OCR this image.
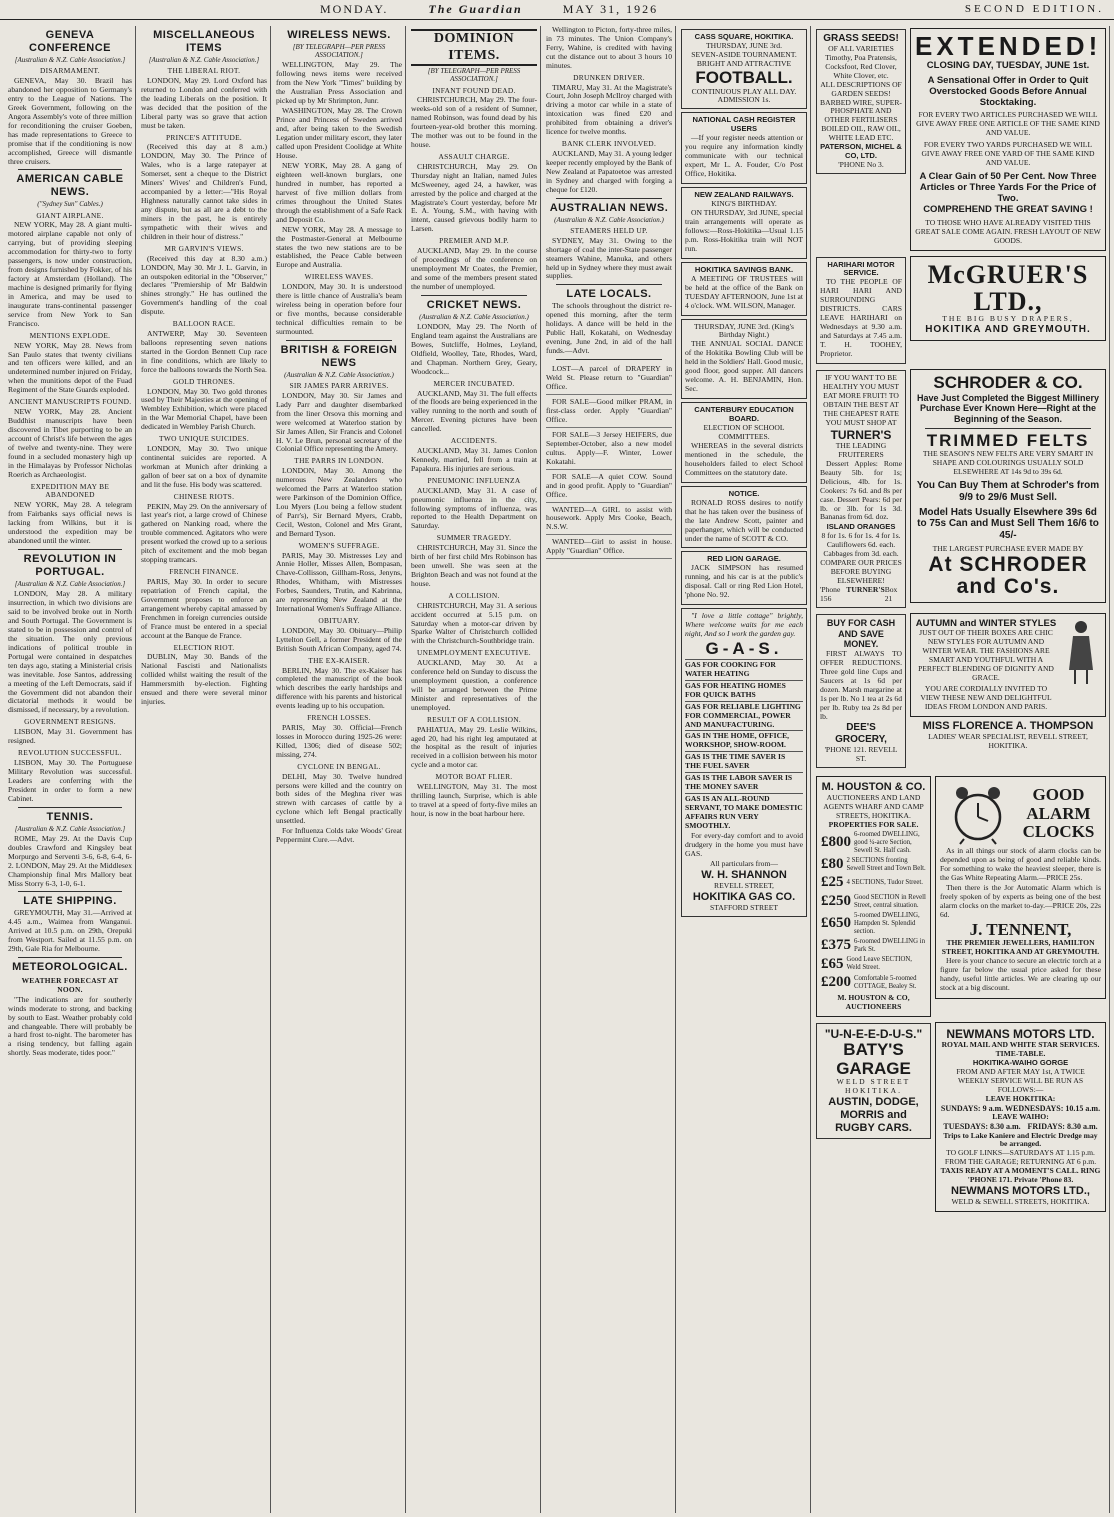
MONDAY.	The Guardian	MAY 31, 1926	SECOND EDITION.
GENEVA CONFERENCE
[Australian & N.Z. Cable Association.]
DISARMAMENT.

GENEVA, May 30. Brazil has abandoned her opposition to Germany's entry to the League of Nations. The Greek Government, following on the Angora Assembly's vote of three million for reconditioning the cruiser Goeben, has made representations to Greece to promise that if the conditioning is now accomplished, Greece will dismantle three cruisers.

AMERICAN CABLE NEWS.
("Sydney Sun" Cables.)
GIANT AIRPLANE.

NEW YORK, May 28. A giant multi-motored airplane capable not only of carrying, but of providing sleeping accommodation for thirty-two to forty passengers, is now under construction, from designs furnished by Fokker, of his factory at Amsterdam (Holland). The machine is designed primarily for flying in America, and may be used to inaugurate trans-continental passenger service from New York to San Francisco.

MENTIONS EXPLODE.

NEW YORK, May 28. News from San Paulo states that twenty civilians and ten officers were killed, and an undetermined number injured on Friday, when the munitions depot of the Fuad Regiment of the State Guards exploded.

ANCIENT MANUSCRIPTS FOUND.

NEW YORK, May 28. Ancient Buddhist manuscripts have been discovered in Tibet purporting to be an account of Christ's life between the ages of twelve and twenty-nine. They were found in a secluded monastery high up in the Himalayas by Professor Nicholas Roerich as Archaeologist.

EXPEDITION MAY BE ABANDONED

NEW YORK, May 28. A telegram from Fairbanks says official news is lacking from Wilkins, but it is understood the expedition may be abandoned until the winter.

REVOLUTION IN PORTUGAL.
[Australian & N.Z. Cable Association.]

LONDON, May 28. A military insurrection, in which two divisions are said to be involved broke out in North and South Portugal. The Government is stated to be in possession and control of the situation. The only previous indications of political trouble in Portugal were contained in despatches ten days ago, stating a Ministerial crisis was inevitable. Jose Santos, addressing a meeting of the Left Democrats, said if the Government did not abandon their dictatorial methods it would be dismissed, if necessary, by a revolution.

GOVERNMENT RESIGNS.

LISBON, May 31. Government has resigned.

REVOLUTION SUCCESSFUL.

LISBON, May 30. The Portuguese Military Revolution was successful. Leaders are conferring with the President in order to form a new Cabinet.

TENNIS.
[Australian & N.Z. Cable Association.]

ROME, May 29. At the Davis Cup doubles Crawford and Kingsley beat Morpurgo and Serventi 3-6, 6-8, 6-4, 6-2. LONDON, May 29. At the Middlesex Championship final Mrs Mallory beat Miss Storry 6-3, 1-0, 6-1.

LATE SHIPPING.

GREYMOUTH, May 31.—Arrived at 4.45 a.m., Waimea from Wanganui. Arrived at 10.5 p.m. on 29th, Orepuki from Westport. Sailed at 11.55 p.m. on 29th, Gale Ria for Melbourne.

METEOROLOGICAL.
WEATHER FORECAST AT NOON.

"The indications are for southerly winds moderate to strong, and backing by south to East. Weather probably cold and changeable. There will probably be a hard frost to-night. The barometer has a rising tendency, but falling again shortly. Seas moderate, tides poor."

MISCELLANEOUS ITEMS
[Australian & N.Z. Cable Association.]
THE LIBERAL RIOT.

LONDON, May 29. Lord Oxford has returned to London and conferred with the leading Liberals on the position. It was decided that the position of the Liberal party was so grave that action must be taken.

PRINCE'S ATTITUDE.

(Received this day at 8 a.m.) LONDON, May 30. The Prince of Wales, who is a large ratepayer at Somerset, sent a cheque to the District Miners' Wives' and Children's Fund, accompanied by a letter:—"His Royal Highness naturally cannot take sides in any dispute, but as all are a debt to the miners in the past, he is entirely sympathetic with their wives and children in their hour of distress."

MR GARVIN'S VIEWS.

(Received this day at 8.30 a.m.) LONDON, May 30. Mr J. L. Garvin, in an outspoken editorial in the "Observer," declares "Premiership of Mr Baldwin shines strongly." He has outlined the Government's handling of the coal dispute.

BALLOON RACE.

ANTWERP, May 30. Seventeen balloons representing seven nations started in the Gordon Bennett Cup race in fine conditions, which are likely to force the balloons towards the North Sea.

GOLD THRONES.

LONDON, May 30. Two gold thrones used by Their Majesties at the opening of Wembley Exhibition, which were placed in the War Memorial Chapel, have been dedicated in Wembley Parish Church.

TWO UNIQUE SUICIDES.

LONDON, May 30. Two unique continental suicides are reported. A workman at Munich after drinking a gallon of beer sat on a box of dynamite and lit the fuse. His body was scattered.

CHINESE RIOTS.

PEKIN, May 29. On the anniversary of last year's riot, a large crowd of Chinese gathered on Nanking road, where the trouble commenced. Agitators who were present worked the crowd up to a serious pitch of excitement and the mob began stopping tramcars.

FRENCH FINANCE.

PARIS, May 30. In order to secure repatriation of French capital, the Government proposes to enforce an arrangement whereby capital amassed by Frenchmen in foreign currencies outside of France must be entered in a special account at the Banque de France.

ELECTION RIOT.

DUBLIN, May 30. Bands of the National Fascisti and Nationalists collided whilst waiting the result of the Hammersmith by-election. Fighting ensued and there were several minor injuries.

WIRELESS NEWS.
[BY TELEGRAPH—PER PRESS ASSOCIATION.]

WELLINGTON, May 29. The following news items were received from the New York "Times" building by the Australian Press Association and picked up by Mr Shrimpton, Junr.

WASHINGTON, May 28. The Crown Prince and Princess of Sweden arrived and, after being taken to the Swedish Legation under military escort, they later called upon President Coolidge at White House.

NEW YORK, May 28. A gang of eighteen well-known burglars, one hundred in number, has reported a harvest of five million dollars from crimes throughout the United States through the establishment of a Safe Rack and Deposit Co.

NEW YORK, May 28. A message to the Postmaster-General at Melbourne states the two new stations are to be established, the Peace Cable between Europe and Australia.

WIRELESS WAVES.

LONDON, May 30. It is understood there is little chance of Australia's beam wireless being in operation before four or five months, because considerable technical difficulties remain to be surmounted.

BRITISH & FOREIGN NEWS
(Australian & N.Z. Cable Association.)
SIR JAMES PARR ARRIVES.

LONDON, May 30. Sir James and Lady Parr and daughter disembarked from the liner Orsova this morning and were welcomed at Waterloo station by Sir James Allen, Sir Francis and Colonel H. V. Le Brun, personal secretary of the Colonial Office representing the Amery.

THE PARRS IN LONDON.

LONDON, May 30. Among the numerous New Zealanders who welcomed the Parrs at Waterloo station were Parkinson of the Dominion Office, Lou Myers (Lou being a fellow student of Parr's), Sir Bernard Myers, Crabb, Cecil, Weston, Colonel and Mrs Grant, and Bernard Tyson.

WOMEN'S SUFFRAGE.

PARIS, May 30. Mistresses Ley and Annie Holler, Misses Allen, Bompasan, Chave-Collisson, Gillham-Ross, Jenyns, Rhodes, Whitham, with Mistresses Forbes, Saunders, Trutin, and Kabrinna, are representing New Zealand at the International Women's Suffrage Alliance.

OBITUARY.

LONDON, May 30. Obituary—Philip Lyttelton Gell, a former President of the British South African Company, aged 74.

THE EX-KAISER.

BERLIN, May 30. The ex-Kaiser has completed the manuscript of the book which describes the early hardships and difference with his parents and historical events leading up to his occupation.

FRENCH LOSSES.

PARIS, May 30. Official—French losses in Morocco during 1925-26 were: Killed, 1306; died of disease 502; missing, 274.

CYCLONE IN BENGAL.

DELHI, May 30. Twelve hundred persons were killed and the country on both sides of the Meghna river was strewn with carcases of cattle by a cyclone which left Bengal practically unsettled.

For Influenza Colds take Woods' Great Peppermint Cure.—Advt.

DOMINION ITEMS.
[BY TELEGRAPH—PER PRESS ASSOCIATION.]
INFANT FOUND DEAD.

CHRISTCHURCH, May 29. The four-weeks-old son of a resident of Sumner, named Robinson, was found dead by his fourteen-year-old brother this morning. The mother was out to be found in the house.

ASSAULT CHARGE.

CHRISTCHURCH, May 29. On Thursday night an Italian, named Jules McSweeney, aged 24, a hawker, was arrested by the police and charged at the Magistrate's Court yesterday, before Mr E. A. Young, S.M., with having with intent, caused grievous bodily harm to Larsen.

PREMIER AND M.P.

AUCKLAND, May 29. In the course of proceedings of the conference on unemployment Mr Coates, the Premier, and some of the members present stated the number of unemployed.

CRICKET NEWS.
(Australian & N.Z. Cable Association.)

LONDON, May 29. The North of England team against the Australians are Bowes, Sutcliffe, Holmes, Leyland, Oldfield, Woolley, Tate, Rhodes, Ward, and Chapman. Northern Grey, Geary, Woodcock...

MERCER INCUBATED.

AUCKLAND, May 31. The full effects of the floods are being experienced in the valley running to the north and south of Mercer. Evening pictures have been cancelled.

ACCIDENTS.

AUCKLAND, May 31. James Conlon Kennedy, married, fell from a train at Papakura. His injuries are serious.

PNEUMONIC INFLUENZA

AUCKLAND, May 31. A case of pneumonic influenza in the city, following symptoms of influenza, was reported to the Health Department on Saturday.

SUMMER TRAGEDY.

CHRISTCHURCH, May 31. Since the birth of her first child Mrs Robinson has been unwell. She was seen at the Brighton Beach and was not found at the house.

A COLLISION.

CHRISTCHURCH, May 31. A serious accident occurred at 5.15 p.m. on Saturday when a motor-car driven by Sparke Walter of Christchurch collided with the Christchurch-Southbridge train.

UNEMPLOYMENT EXECUTIVE.

AUCKLAND, May 30. At a conference held on Sunday to discuss the unemployment question, a conference will be arranged between the Prime Minister and representatives of the unemployed.

RESULT OF A COLLISION.

PAHIATUA, May 29. Leslie Wilkins, aged 20, had his right leg amputated at the hospital as the result of injuries received in a collision between his motor cycle and a motor car.

MOTOR BOAT FLIER.

WELLINGTON, May 31. The most thrilling launch, Surprise, which is able to travel at a speed of forty-five miles an hour, is now in the boat harbour here.

Wellington to Picton, forty-three miles, in 73 minutes. The Union Company's Ferry, Wahine, is credited with having cut the distance out to about 3 hours 10 minutes.

DRUNKEN DRIVER.

TIMARU, May 31. At the Magistrate's Court, John Joseph McIlroy charged with driving a motor car while in a state of intoxication was fined £20 and prohibited from obtaining a driver's licence for twelve months.

BANK CLERK INVOLVED.

AUCKLAND, May 31. A young ledger keeper recently employed by the Bank of New Zealand at Papatoetoe was arrested in Sydney and charged with forging a cheque for £120.

AUSTRALIAN NEWS.
(Australian & N.Z. Cable Association.)
STEAMERS HELD UP.

SYDNEY, May 31. Owing to the shortage of coal the inter-State passenger steamers Wahine, Manuka, and others held up in Sydney where they must await supplies.

LATE LOCALS.

The schools throughout the district re-opened this morning, after the term holidays. A dance will be held in the Public Hall, Kokatahi, on Wednesday evening, June 2nd, in aid of the hall funds.—Advt.

LOST—A parcel of DRAPERY in Weld St. Please return to "Guardian" Office.

FOR SALE—Good milker PRAM, in first-class order. Apply "Guardian" Office.

FOR SALE—3 Jersey HEIFERS, due September-October, also a new model cultus. Apply—F. Winter, Lower Kokatahi.

FOR SALE—A quiet COW. Sound and in good profit. Apply to "Guardian" Office.

WANTED—A GIRL to assist with housework. Apply Mrs Cooke, Beach, N.S.W.

WANTED—Girl to assist in house. Apply "Guardian" Office.

CASS SQUARE, HOKITIKA.
THURSDAY, JUNE 3rd.
SEVEN-ASIDE TOURNAMENT.
BRIGHT AND ATTRACTIVE
FOOTBALL.
CONTINUOUS PLAY ALL DAY.
ADMISSION 1s.
NATIONAL CASH REGISTER USERS

—If your register needs attention or you require any information kindly communicate with our technical expert, Mr L. A. Fouder, C/o Post Office, Hokitika.

NEW ZEALAND RAILWAYS.
KING'S BIRTHDAY.

ON THURSDAY, 3rd JUNE, special train arrangements will operate as follows:—Ross-Hokitika—Usual 1.15 p.m. Ross-Hokitika train will NOT run.

HOKITIKA SAVINGS BANK.

A MEETING OF TRUSTEES will be held at the office of the Bank on TUESDAY AFTERNOON, June 1st at 4 o'clock. WM. WILSON, Manager.

THURSDAY, JUNE 3rd. (King's Birthday Night.)

THE ANNUAL SOCIAL DANCE of the Hokitika Bowling Club will be held in the Soldiers' Hall. Good music, good floor, good supper. All dancers welcome. A. H. BENJAMIN, Hon. Sec.

CANTERBURY EDUCATION BOARD.
ELECTION OF SCHOOL COMMITTEES.

WHEREAS in the several districts mentioned in the schedule, the householders failed to elect School Committees on the statutory date.

NOTICE.

RONALD ROSS desires to notify that he has taken over the business of the late Andrew Scott, painter and paperhanger, which will be conducted under the name of SCOTT & CO.

RED LION GARAGE.

JACK SIMPSON has resumed running, and his car is at the public's disposal. Call or ring Red Lion Hotel, 'phone No. 92.

"I love a little cottage" brightly, Where welcome waits for me each night, And so I work the garden gay.

G-A-S.
GAS FOR COOKING FOR WATER HEATING
GAS FOR HEATING HOMES FOR QUICK BATHS
GAS FOR RELIABLE LIGHTING FOR COMMERCIAL, POWER AND MANUFACTURING.
GAS IN THE HOME, OFFICE, WORKSHOP, SHOW-ROOM.
GAS IS THE TIME SAVER IS THE FUEL SAVER
GAS IS THE LABOR SAVER IS THE MONEY SAVER
GAS IS AN ALL-ROUND SERVANT, TO MAKE DOMESTIC AFFAIRS RUN VERY SMOOTHLY.

For every-day comfort and to avoid drudgery in the home you must have GAS.

All particulars from—
W. H. SHANNON
REVELL STREET,
HOKITIKA GAS CO.
STAFFORD STREET
GRASS SEEDS!
OF ALL VARIETIES
Timothy, Poa Pratensis, Cocksfoot, Red Clover, White Clover, etc.
ALL DESCRIPTIONS OF GARDEN SEEDS!
BARBED WIRE, SUPER-PHOSPHATE AND OTHER FERTILISERS BOILED OIL, RAW OIL, WHITE LEAD ETC.
PATERSON, MICHEL & CO, LTD.
'PHONE No 3.
EXTENDED!
CLOSING DAY, TUESDAY, JUNE 1st.
A Sensational Offer in Order to Quit Overstocked Goods Before Annual Stocktaking.
FOR EVERY TWO ARTICLES PURCHASED WE WILL GIVE AWAY FREE ONE ARTICLE OF THE SAME KIND AND VALUE.
FOR EVERY TWO YARDS PURCHASED WE WILL GIVE AWAY FREE ONE YARD OF THE SAME KIND AND VALUE.
A Clear Gain of 50 Per Cent. Now Three Articles or Three Yards For the Price of Two.
COMPREHEND THE GREAT SAVING !
TO THOSE WHO HAVE ALREADY VISITED THIS GREAT SALE COME AGAIN. FRESH LAYOUT OF NEW GOODS.
HARIHARI MOTOR SERVICE.

TO THE PEOPLE OF HARI HARI AND SURROUNDING DISTRICTS. CARS LEAVE HARIHARI on Wednesdays at 9.30 a.m. and Saturdays at 7.45 a.m. T. H. TOOHEY, Proprietor.

McGRUER'S LTD.,
THE BIG BUSY DRAPERS,
HOKITIKA AND GREYMOUTH.
IF YOU WANT TO BE HEALTHY YOU MUST EAT MORE FRUIT! TO OBTAIN THE BEST AT THE CHEAPEST RATE YOU MUST SHOP AT
TURNER'S
THE LEADING FRUITERERS

Dessert Apples: Rome Beauty 5lb. for 1s; Delicious, 4lb. for 1s. Cookers: 7s 6d. and 8s per case. Dessert Pears: 6d per lb. or 3lb. for 1s 3d. Bananas from 6d. doz.

ISLAND ORANGES
8 for 1s. 6 for 1s. 4 for 1s. Cauliflowers 6d. each. Cabbages from 3d. each. COMPARE OUR PRICES BEFORE BUYING ELSEWHERE!
'Phone 156
TURNER'S Box 21
SCHRODER & CO.
Have Just Completed the Biggest Millinery Purchase Ever Known Here—Right at the Beginning of the Season.
TRIMMED FELTS
THE SEASON'S NEW FELTS ARE VERY SMART IN SHAPE AND COLOURINGS USUALLY SOLD ELSEWHERE AT 14s 9d to 39s 6d.
You Can Buy Them at Schroder's from 9/9 to 29/6 Must Sell.
Model Hats Usually Elsewhere 39s 6d to 75s Can and Must Sell Them 16/6 to 45/-
THE LARGEST PURCHASE EVER MADE BY
At SCHRODER and Co's.
BUY FOR CASH AND SAVE MONEY.

FIRST ALWAYS TO OFFER REDUCTIONS. Three gold line Cups and Saucers at 1s 6d per dozen. Marsh margarine at 1s per lb. No 1 tea at 2s 6d per lb. Ruby tea 2s 8d per lb.

DEE'S GROCERY,
'PHONE 121. REVELL ST.
AUTUMN and WINTER STYLES
JUST OUT OF THEIR BOXES ARE CHIC NEW STYLES FOR AUTUMN AND WINTER WEAR. THE FASHIONS ARE SMART AND YOUTHFUL WITH A PERFECT BLENDING OF DIGNITY AND GRACE.
YOU ARE CORDIALLY INVITED TO VIEW THESE NEW AND DELIGHTFUL IDEAS FROM LONDON AND PARIS.
MISS FLORENCE A. THOMPSON
LADIES' WEAR SPECIALIST, REVELL STREET, HOKITIKA.
M. HOUSTON & CO.
AUCTIONEERS AND LAND AGENTS WHARF AND CAMP STREETS, HOKITIKA.
PROPERTIES FOR SALE.
£800 6-roomed DWELLING, good ¼-acre Section, Sewell St. Half cash.
£80 2 SECTIONS fronting Sewell Street and Town Belt.
£25 4 SECTIONS, Tudor Street.
£250 Good SECTION in Revell Street, central situation.
£650 5-roomed DWELLING, Hampden St. Splendid section.
£375 6-roomed DWELLING in Park St.
£65 Good Leave SECTION, Weld Street.
£200 Comfortable 5-roomed COTTAGE, Bealey St.
M. HOUSTON & CO, AUCTIONEERS
GOOD
ALARM
CLOCKS

As in all things our stock of alarm clocks can be depended upon as being of good and reliable kinds. For something to wake the heaviest sleeper, there is the Gas White Repeating Alarm.—PRICE 25s.

Then there is the Jor Automatic Alarm which is freely spoken of by experts as being one of the best alarm clocks on the market to-day.—PRICE 20s, 22s 6d.

J. TENNENT,
THE PREMIER JEWELLERS, HAMILTON STREET, HOKITIKA AND AT GREYMOUTH.

Here is your chance to secure an electric torch at a figure far below the usual price asked for these handy, useful little articles. We are clearing up our stock at a big discount.

"U-N-E-E-D-U-S."
BATY'S GARAGE
WELD STREET HOKITIKA.
AUSTIN, DODGE, MORRIS and RUGBY CARS.
NEWMANS MOTORS LTD.
ROYAL MAIL AND WHITE STAR SERVICES.
TIME-TABLE.
HOKITIKA-WAIHO GORGE
FROM AND AFTER MAY 1st, A TWICE WEEKLY SERVICE WILL BE RUN AS FOLLOWS:—
LEAVE HOKITIKA:
SUNDAYS: 9 a.m. WEDNESDAYS: 10.15 a.m.
LEAVE WAIHO:
TUESDAYS: 8.30 a.m. FRIDAYS: 8.30 a.m.
Trips to Lake Kaniere and Electric Dredge may be arranged.
TO GOLF LINKS—SATURDAYS AT 1.15 p.m. FROM THE GARAGE; RETURNING AT 6 p.m.
TAXIS READY AT A MOMENT'S CALL. RING 'PHONE 171. Private 'Phone 83.
NEWMANS MOTORS LTD.,
WELD & SEWELL STREETS, HOKITIKA.
